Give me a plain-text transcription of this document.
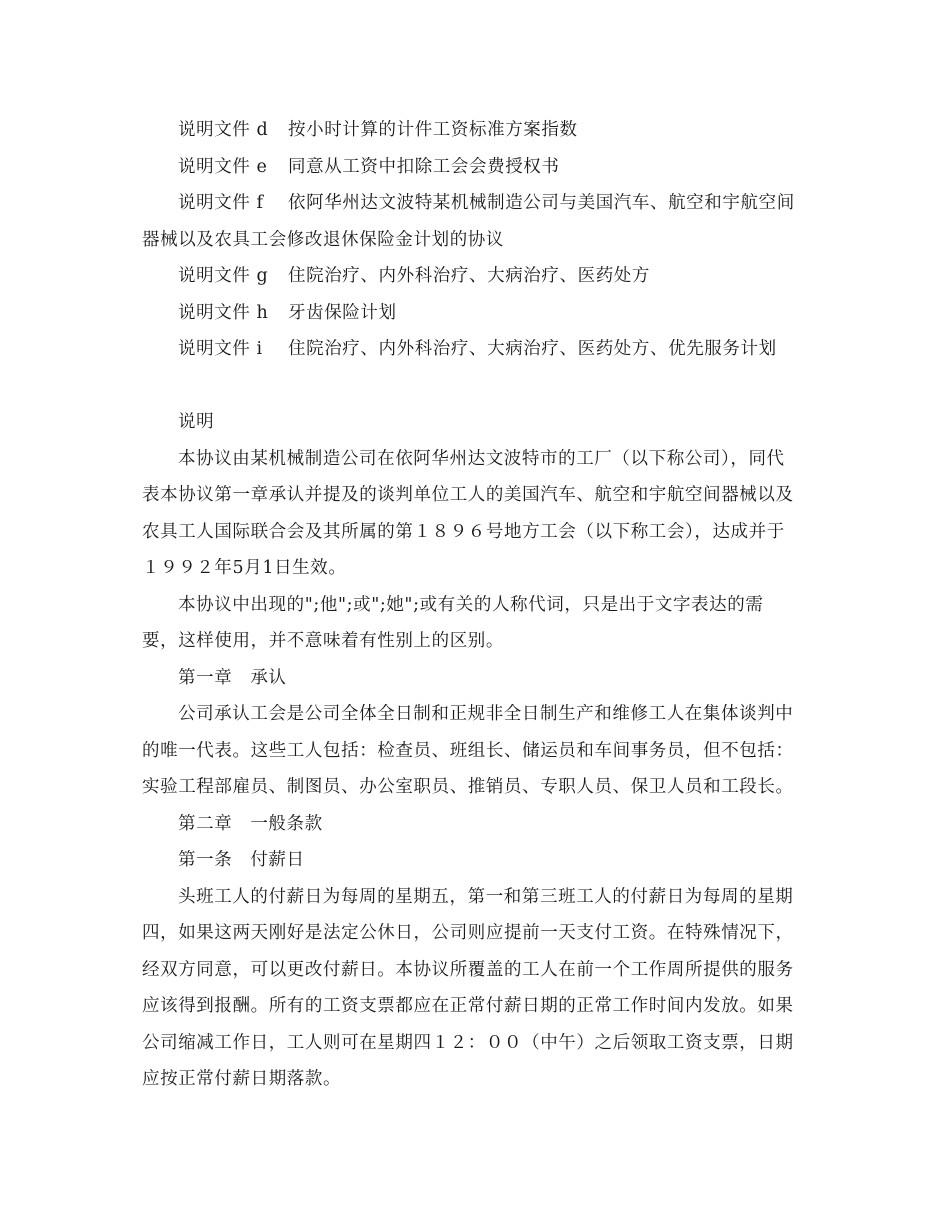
说明文件 d 按小时计算的计件工资标准方案指数
说明文件 e 同意从工资中扣除工会会费授权书
说明文件 f 依阿华州达文波特某机械制造公司与美国汽车、航空和宇航空间
器械以及农具工会修改退休保险金计划的协议
说明文件 g 住院治疗、内外科治疗、大病治疗、医药处方
说明文件 h 牙齿保险计划
说明文件 i 住院治疗、内外科治疗、大病治疗、医药处方、优先服务计划
说明
本协议由某机械制造公司在依阿华州达文波特市的工厂（以下称公司），同代
表本协议第一章承认并提及的谈判单位工人的美国汽车、航空和宇航空间器械以及
农具工人国际联合会及其所属的第１８９６号地方工会（以下称工会），达成并于
１９９２年5月1日生效。
本协议中出现的";他";或";她";或有关的人称代词，只是出于文字表达的需
要，这样使用，并不意味着有性别上的区别。
第一章 承认
公司承认工会是公司全体全日制和正规非全日制生产和维修工人在集体谈判中
的唯一代表。这些工人包括：检查员、班组长、储运员和车间事务员，但不包括：
实验工程部雇员、制图员、办公室职员、推销员、专职人员、保卫人员和工段长。
第二章 一般条款
第一条 付薪日
头班工人的付薪日为每周的星期五，第一和第三班工人的付薪日为每周的星期
四，如果这两天刚好是法定公休日，公司则应提前一天支付工资。在特殊情况下，
经双方同意，可以更改付薪日。本协议所覆盖的工人在前一个工作周所提供的服务
应该得到报酬。所有的工资支票都应在正常付薪日期的正常工作时间内发放。如果
公司缩减工作日，工人则可在星期四１２：００（中午）之后领取工资支票，日期
应按正常付薪日期落款。
